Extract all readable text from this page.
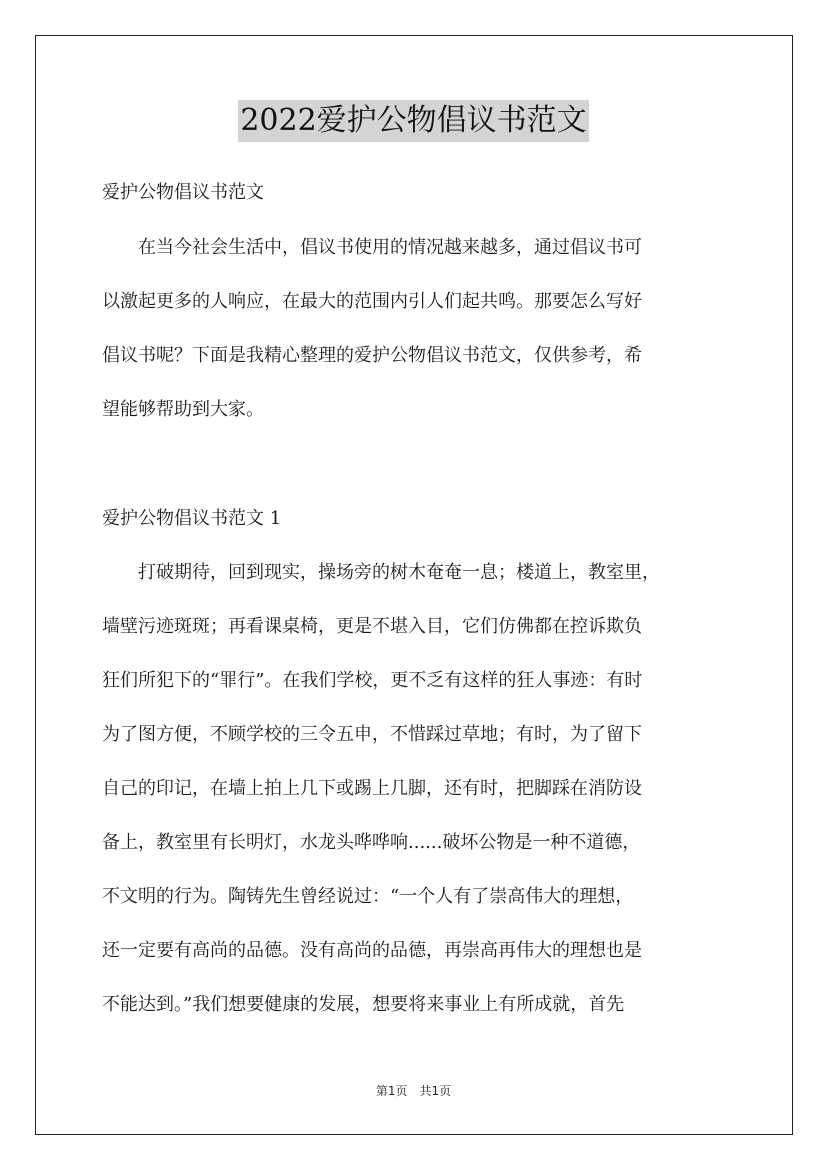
2022爱护公物倡议书范文
爱护公物倡议书范文
　　在当今社会生活中，倡议书使用的情况越来越多，通过倡议书可
以激起更多的人响应，在最大的范围内引人们起共鸣。那要怎么写好
倡议书呢？下面是我精心整理的爱护公物倡议书范文，仅供参考，希
望能够帮助到大家。
爱护公物倡议书范文 1
　　打破期待，回到现实，操场旁的树木奄奄一息；楼道上，教室里，
墙壁污迹斑斑；再看课桌椅，更是不堪入目，它们仿佛都在控诉欺负
狂们所犯下的“罪行”。在我们学校，更不乏有这样的狂人事迹：有时
为了图方便，不顾学校的三令五申，不惜踩过草地；有时，为了留下
自己的印记，在墙上拍上几下或踢上几脚，还有时，把脚踩在消防设
备上，教室里有长明灯，水龙头哗哗响......破坏公物是一种不道德，
不文明的行为。陶铸先生曾经说过：“一个人有了崇高伟大的理想，
还一定要有高尚的品德。没有高尚的品德，再崇高再伟大的理想也是
不能达到。”我们想要健康的发展，想要将来事业上有所成就，首先
第1页　共1页
